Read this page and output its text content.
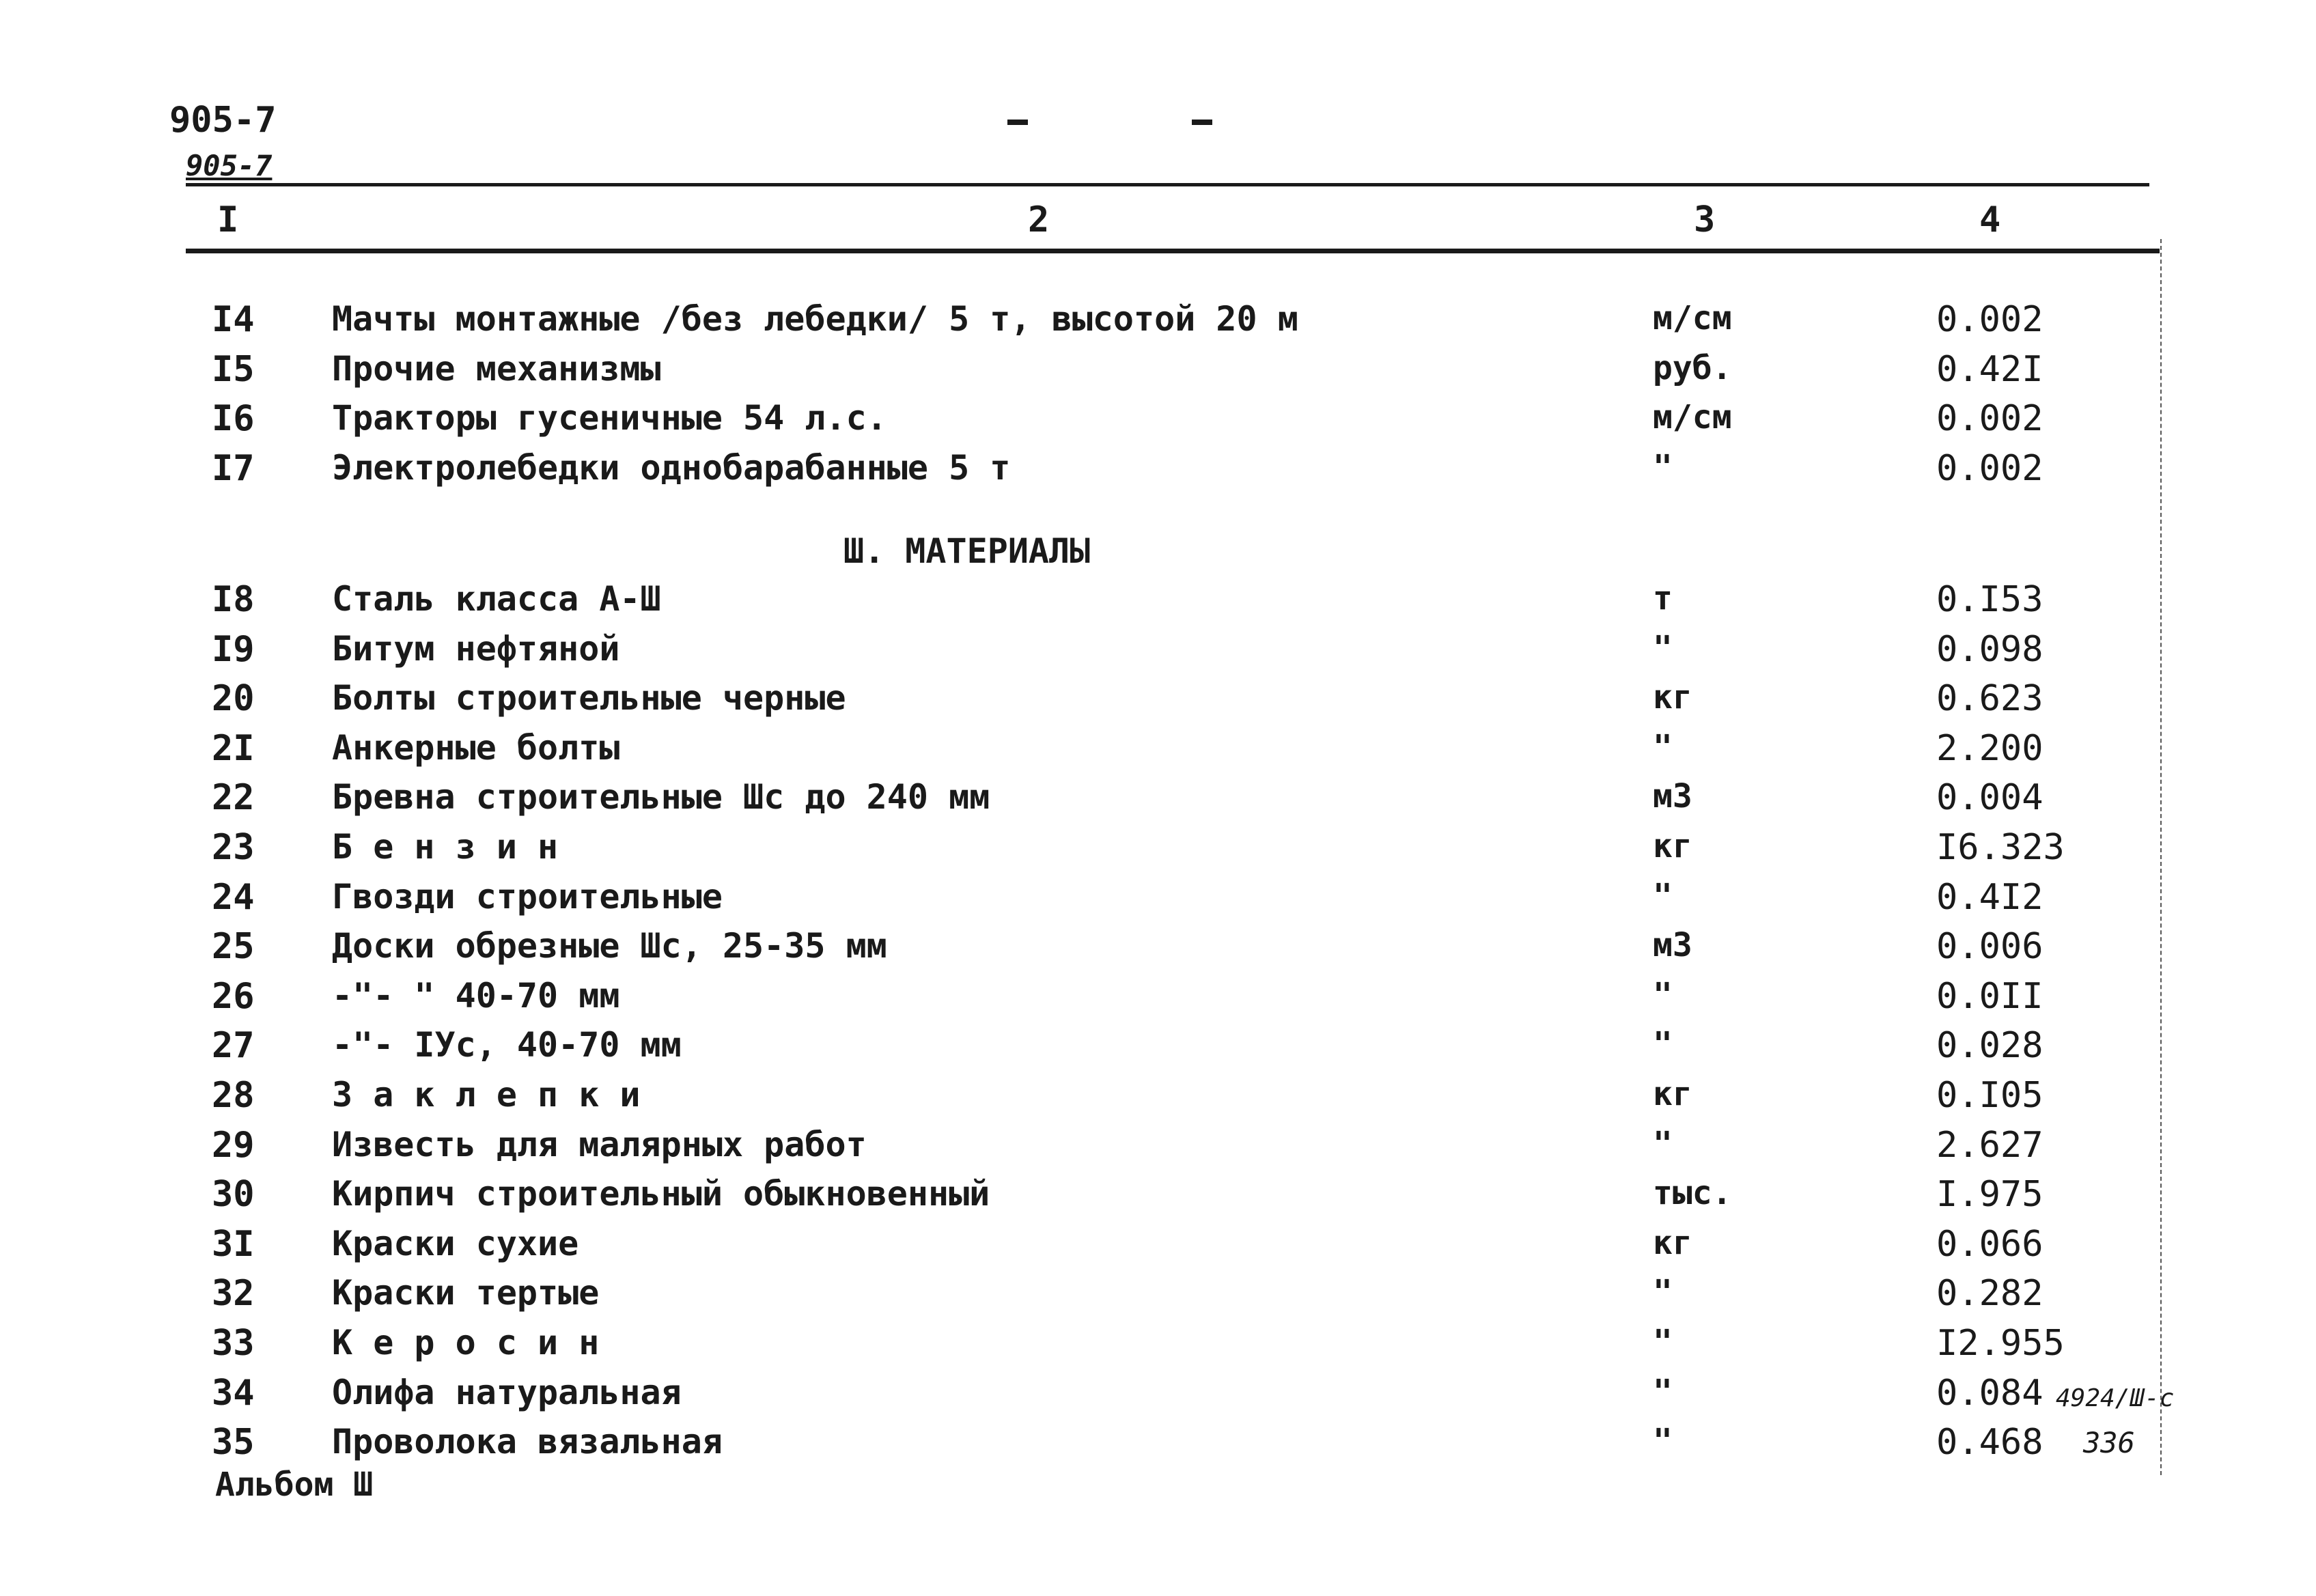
905-7
905-7
I	2	3	4
I4 Мачты монтажные /без лебедки/ 5 т, высотой 20 м	м/см	0.002
I5 Прочие механизмы	руб.	0.42I
I6 Тракторы гусеничные 54 л.с.	м/см	0.002
I7 Электролебедки однобарабанные 5 т	"	0.002
Ш. МАТЕРИАЛЫ
I8 Сталь класса А-Ш	т	0.I53
I9 Битум нефтяной	"	0.098
20 Болты строительные черные	кг	0.623
2I Анкерные болты	"	2.200
22 Бревна строительные Шс до 240 мм	м3	0.004
23 Б е н з и н	кг	I6.323
24 Гвозди строительные	"	0.4I2
25 Доски обрезные Шс, 25-35 мм	м3	0.006
26 -"- " 40-70 мм	"	0.0II
27 -"- IУс, 40-70 мм	"	0.028
28 З а к л е п к и	кг	0.I05
29 Известь для малярных работ	"	2.627
30 Кирпич строительный обыкновенный	тыс.	I.975
3I Краски сухие	кг	0.066
32 Краски тертые	"	0.282
33 К е р о с и н	"	I2.955
34 Олифа натуральная	"	0.084
35 Проволока вязальная	"	0.468
Альбом Ш
4924/Ш-с
336
